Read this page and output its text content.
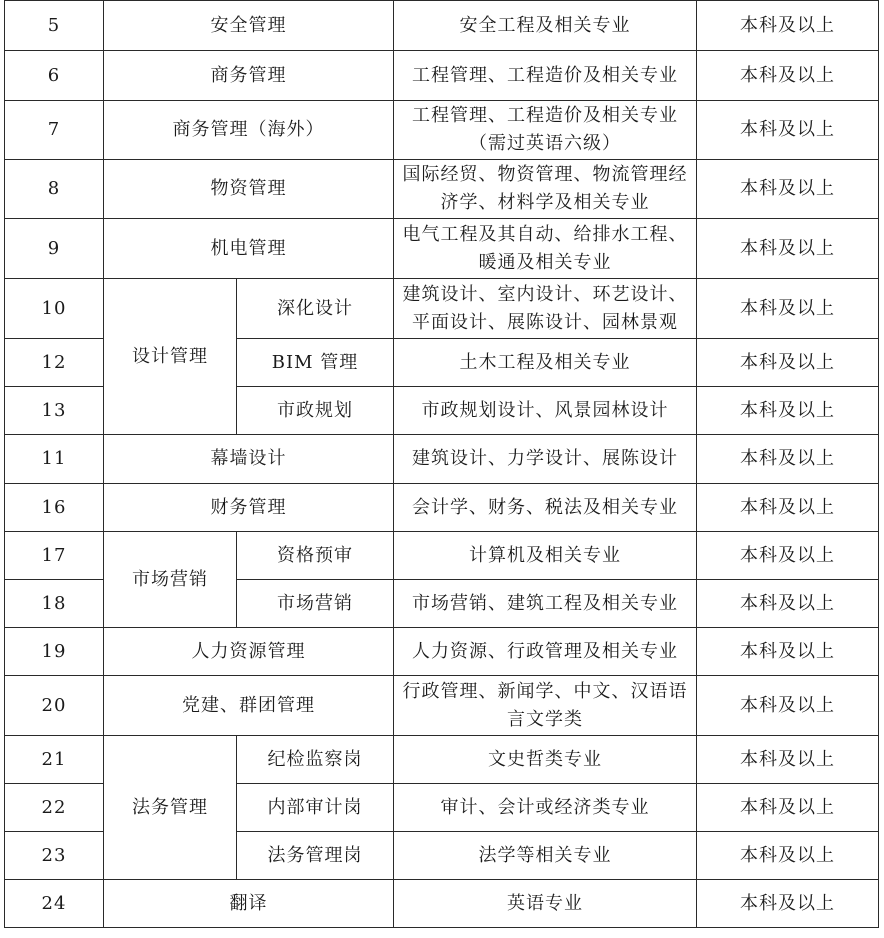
5	安全管理		安全工程及相关专业	本科及以上
6	商务管理		工程管理、工程造价及相关专业	本科及以上
7	商务管理（海外）		工程管理、工程造价及相关专业
（需过英语六级）	本科及以上
8	物资管理		国际经贸、物资管理、物流管理经
济学、材料学及相关专业	本科及以上
9	机电管理		电气工程及其自动、给排水工程、
暖通及相关专业	本科及以上
10	设计管理	深化设计	建筑设计、室内设计、环艺设计、
平面设计、展陈设计、园林景观	本科及以上
12		BIM 管理	土木工程及相关专业	本科及以上
13		市政规划	市政规划设计、风景园林设计	本科及以上
11	幕墙设计		建筑设计、力学设计、展陈设计	本科及以上
16	财务管理		会计学、财务、税法及相关专业	本科及以上
17	市场营销	资格预审	计算机及相关专业	本科及以上
18		市场营销	市场营销、建筑工程及相关专业	本科及以上
19	人力资源管理		人力资源、行政管理及相关专业	本科及以上
20	党建、群团管理		行政管理、新闻学、中文、汉语语
言文学类	本科及以上
21	法务管理	纪检监察岗	文史哲类专业	本科及以上
22		内部审计岗	审计、会计或经济类专业	本科及以上
23		法务管理岗	法学等相关专业	本科及以上
24	翻译		英语专业	本科及以上
